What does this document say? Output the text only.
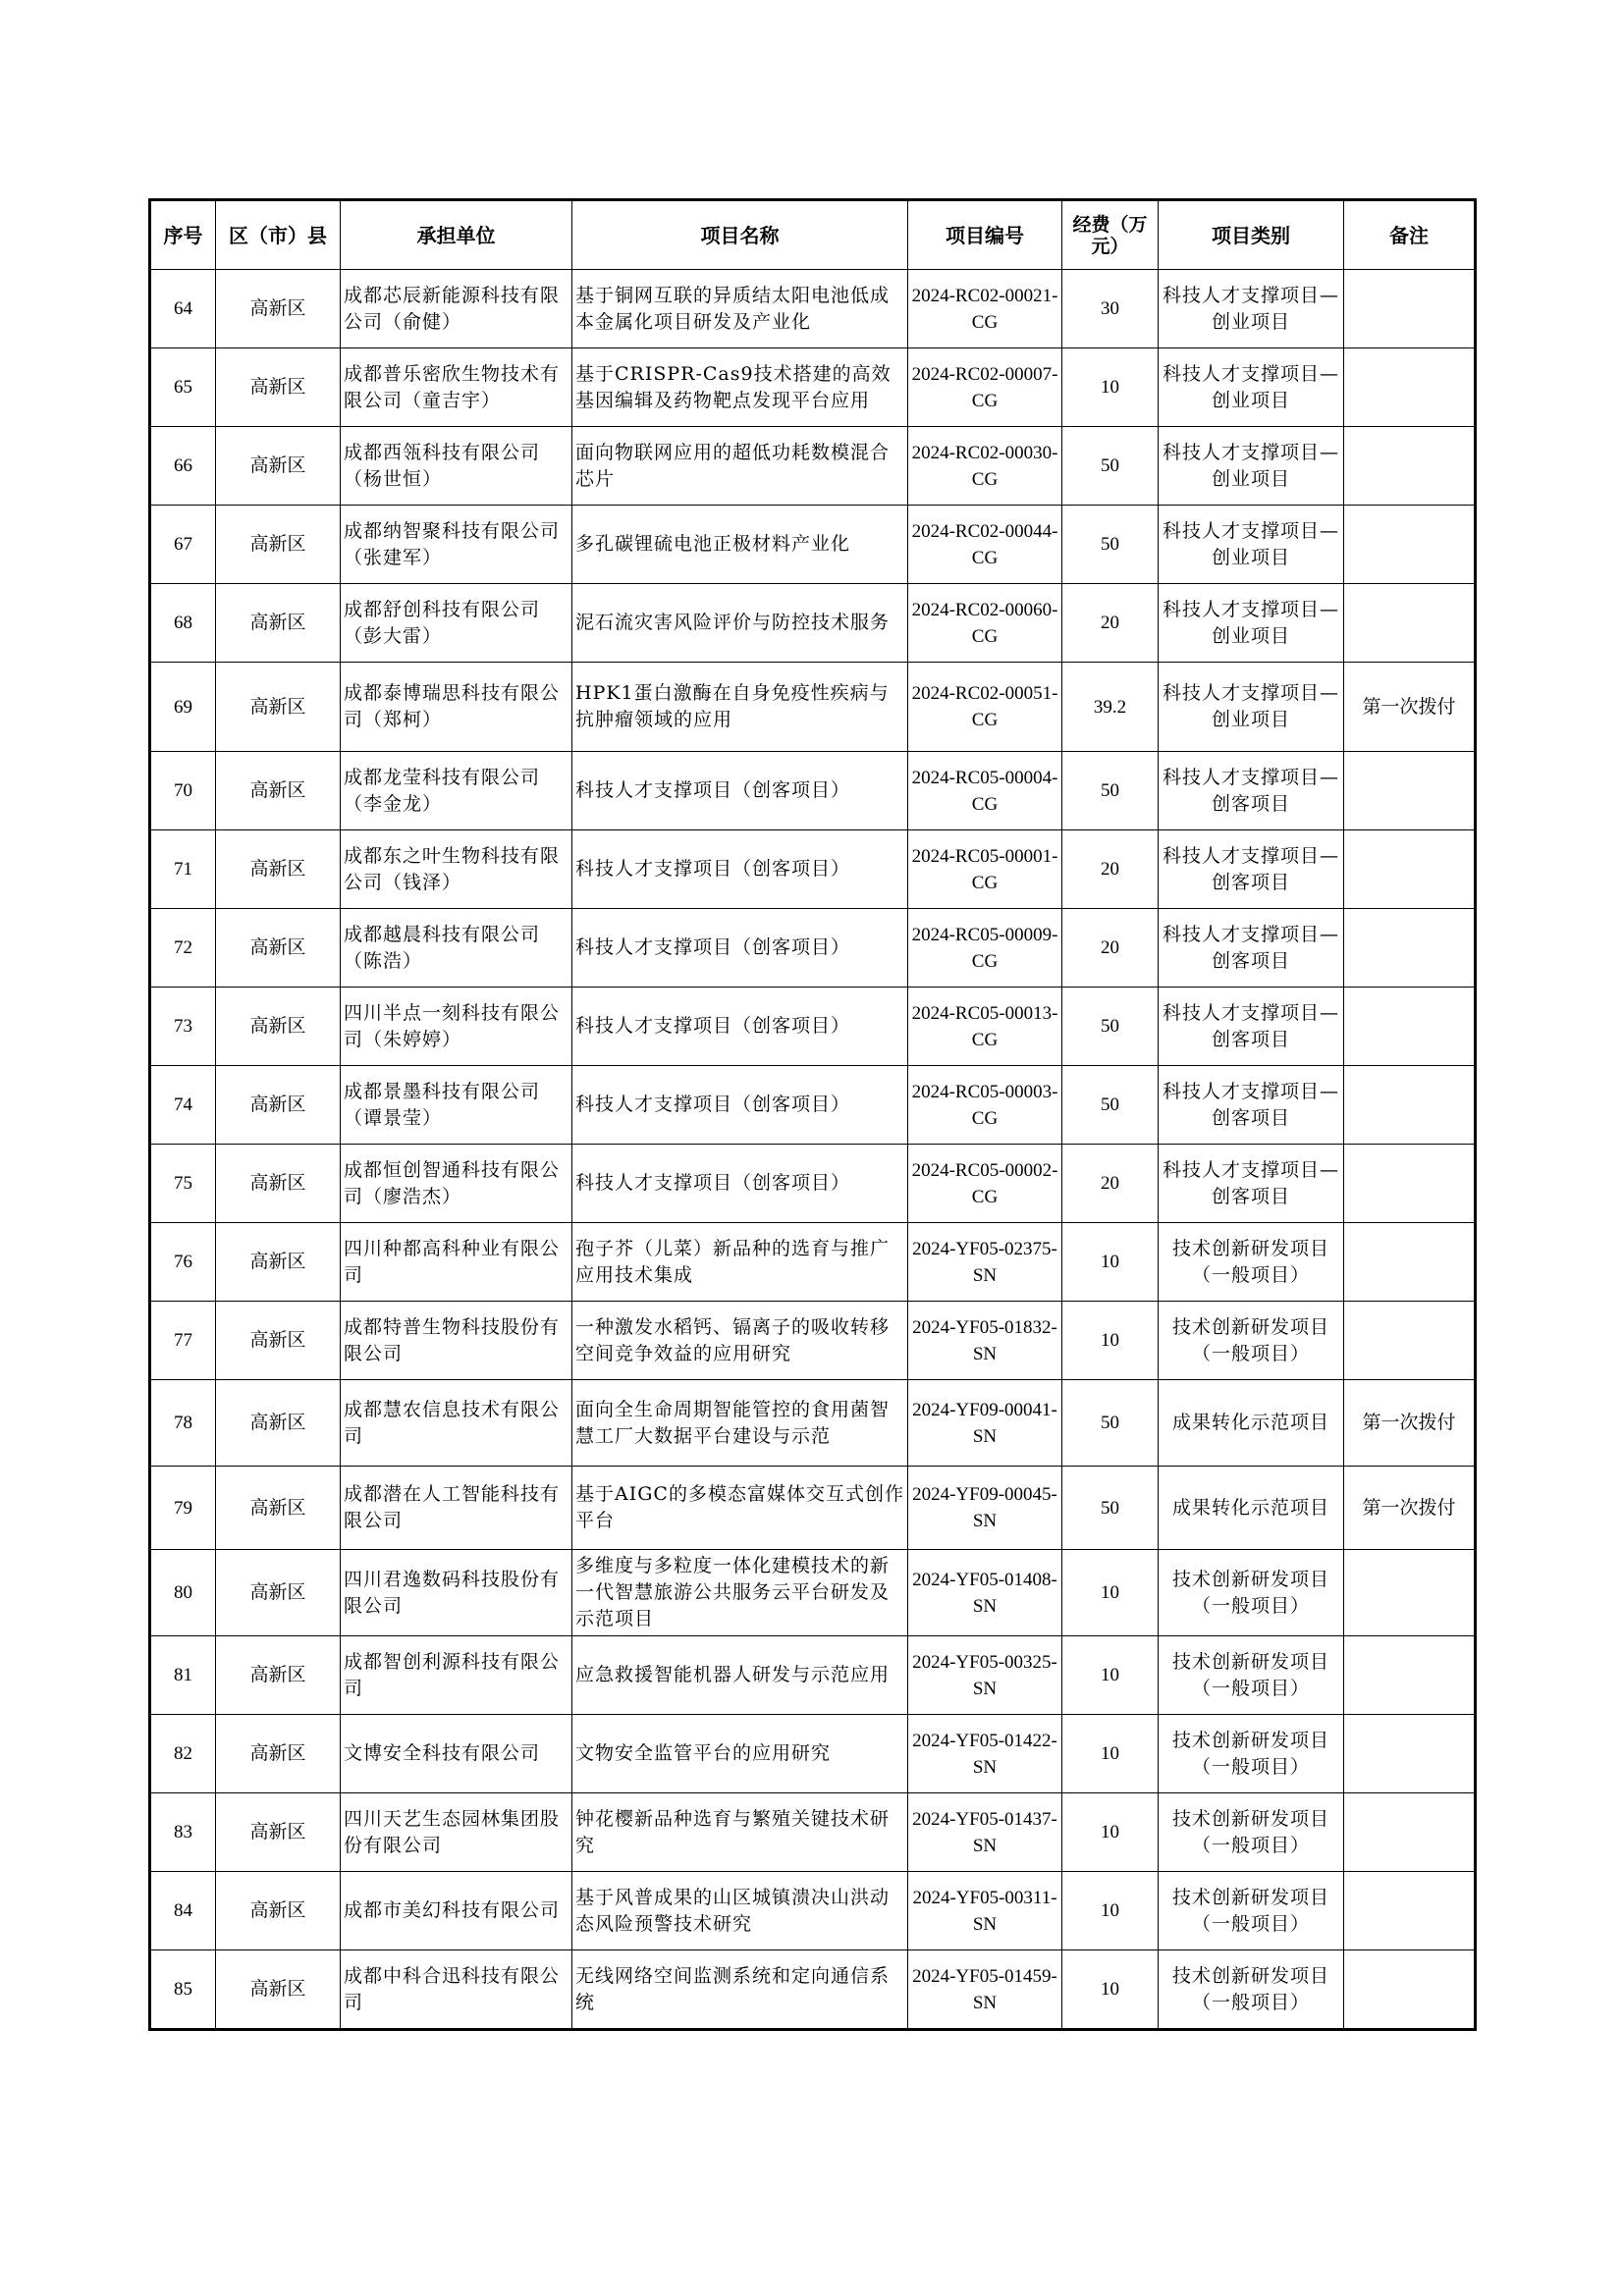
序号	区（市）县	承担单位	项目名称	项目编号	经费（万元）	项目类别	备注
64	高新区	成都芯辰新能源科技有限公司（俞健）	基于铜网互联的异质结太阳电池低成本金属化项目研发及产业化	2024-RC02-00021-CG	30	科技人才支撑项目—创业项目	
65	高新区	成都普乐密欣生物技术有限公司（童吉宇）	基于CRISPR-Cas9技术搭建的高效基因编辑及药物靶点发现平台应用	2024-RC02-00007-CG	10	科技人才支撑项目—创业项目	
66	高新区	成都西瓴科技有限公司（杨世恒）	面向物联网应用的超低功耗数模混合芯片	2024-RC02-00030-CG	50	科技人才支撑项目—创业项目	
67	高新区	成都纳智聚科技有限公司（张建军）	多孔碳锂硫电池正极材料产业化	2024-RC02-00044-CG	50	科技人才支撑项目—创业项目	
68	高新区	成都舒创科技有限公司（彭大雷）	泥石流灾害风险评价与防控技术服务	2024-RC02-00060-CG	20	科技人才支撑项目—创业项目	
69	高新区	成都泰博瑞思科技有限公司（郑柯）	HPK1蛋白激酶在自身免疫性疾病与抗肿瘤领域的应用	2024-RC02-00051-CG	39.2	科技人才支撑项目—创业项目	第一次拨付
70	高新区	成都龙莹科技有限公司（李金龙）	科技人才支撑项目（创客项目）	2024-RC05-00004-CG	50	科技人才支撑项目—创客项目	
71	高新区	成都东之叶生物科技有限公司（钱泽）	科技人才支撑项目（创客项目）	2024-RC05-00001-CG	20	科技人才支撑项目—创客项目	
72	高新区	成都越晨科技有限公司（陈浩）	科技人才支撑项目（创客项目）	2024-RC05-00009-CG	20	科技人才支撑项目—创客项目	
73	高新区	四川半点一刻科技有限公司（朱婷婷）	科技人才支撑项目（创客项目）	2024-RC05-00013-CG	50	科技人才支撑项目—创客项目	
74	高新区	成都景墨科技有限公司（谭景莹）	科技人才支撑项目（创客项目）	2024-RC05-00003-CG	50	科技人才支撑项目—创客项目	
75	高新区	成都恒创智通科技有限公司（廖浩杰）	科技人才支撑项目（创客项目）	2024-RC05-00002-CG	20	科技人才支撑项目—创客项目	
76	高新区	四川种都高科种业有限公司	孢子芥（儿菜）新品种的选育与推广应用技术集成	2024-YF05-02375-SN	10	技术创新研发项目（一般项目）	
77	高新区	成都特普生物科技股份有限公司	一种激发水稻钙、镉离子的吸收转移空间竞争效益的应用研究	2024-YF05-01832-SN	10	技术创新研发项目（一般项目）	
78	高新区	成都慧农信息技术有限公司	面向全生命周期智能管控的食用菌智慧工厂大数据平台建设与示范	2024-YF09-00041-SN	50	成果转化示范项目	第一次拨付
79	高新区	成都潜在人工智能科技有限公司	基于AIGC的多模态富媒体交互式创作平台	2024-YF09-00045-SN	50	成果转化示范项目	第一次拨付
80	高新区	四川君逸数码科技股份有限公司	多维度与多粒度一体化建模技术的新一代智慧旅游公共服务云平台研发及示范项目	2024-YF05-01408-SN	10	技术创新研发项目（一般项目）	
81	高新区	成都智创利源科技有限公司	应急救援智能机器人研发与示范应用	2024-YF05-00325-SN	10	技术创新研发项目（一般项目）	
82	高新区	文博安全科技有限公司	文物安全监管平台的应用研究	2024-YF05-01422-SN	10	技术创新研发项目（一般项目）	
83	高新区	四川天艺生态园林集团股份有限公司	钟花樱新品种选育与繁殖关键技术研究	2024-YF05-01437-SN	10	技术创新研发项目（一般项目）	
84	高新区	成都市美幻科技有限公司	基于风普成果的山区城镇溃决山洪动态风险预警技术研究	2024-YF05-00311-SN	10	技术创新研发项目（一般项目）	
85	高新区	成都中科合迅科技有限公司	无线网络空间监测系统和定向通信系统	2024-YF05-01459-SN	10	技术创新研发项目（一般项目）	
